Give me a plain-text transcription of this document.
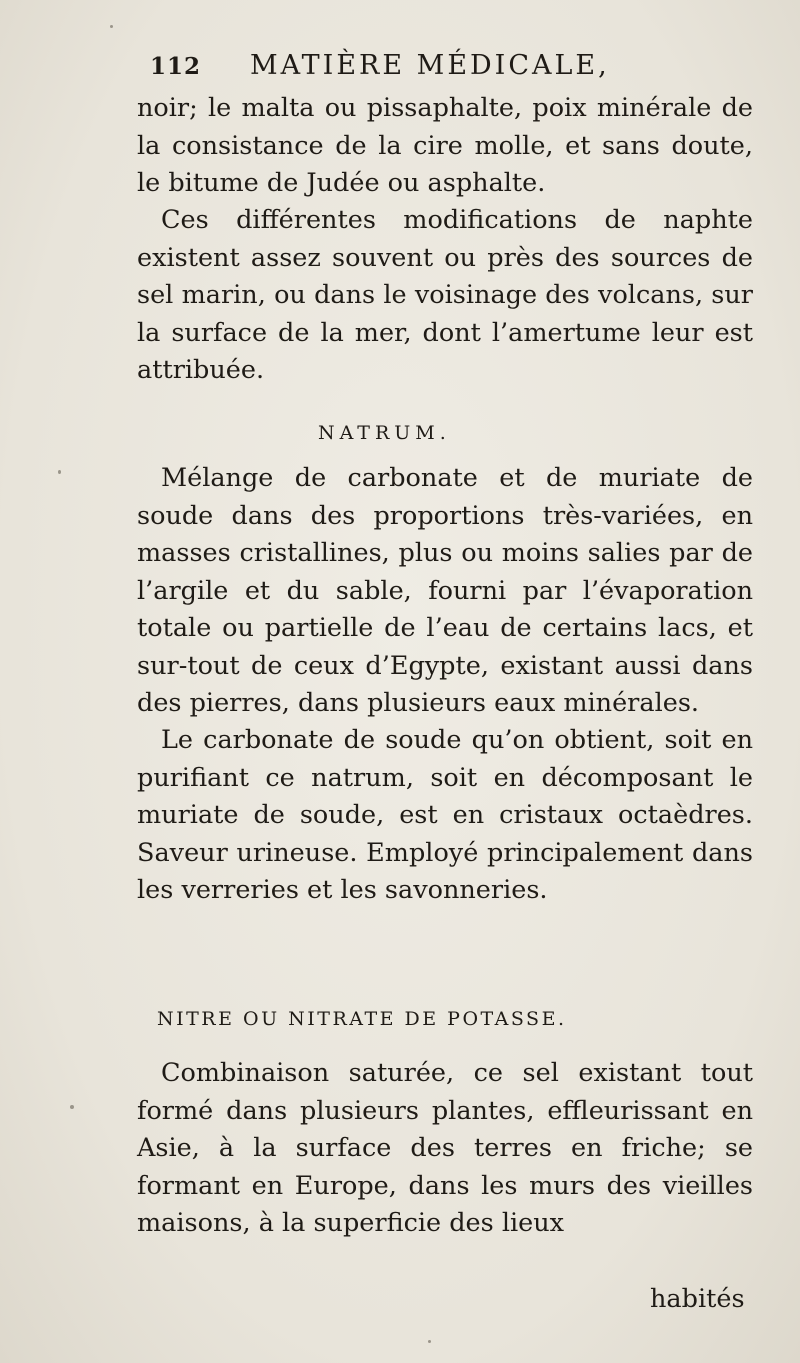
112	MATIÈRE MÉDICALE,

noir; le malta ou pissaphalte, poix minérale de la consistance de la cire molle, et sans doute, le bitume de Judée ou asphalte.

Ces différentes modifications de naphte existent assez souvent ou près des sources de sel marin, ou dans le voisinage des volcans, sur la surface de la mer, dont l’amertume leur est attribuée.

NATRUM.

Mélange de carbonate et de muriate de soude dans des proportions très-variées, en masses cristallines, plus ou moins salies par de l’argile et du sable, fourni par l’évaporation totale ou partielle de l’eau de certains lacs, et sur-tout de ceux d’Egypte, existant aussi dans des pierres, dans plusieurs eaux minérales.

Le carbonate de soude qu’on obtient, soit en purifiant ce natrum, soit en décomposant le muriate de soude, est en cristaux octaèdres. Saveur urineuse. Employé principalement dans les verreries et les savonneries.

NITRE OU NITRATE DE POTASSE.

Combinaison saturée, ce sel existant tout formé dans plusieurs plantes, effleurissant en Asie, à la surface des terres en friche; se formant en Europe, dans les murs des vieilles maisons, à la superficie des lieux

habités
